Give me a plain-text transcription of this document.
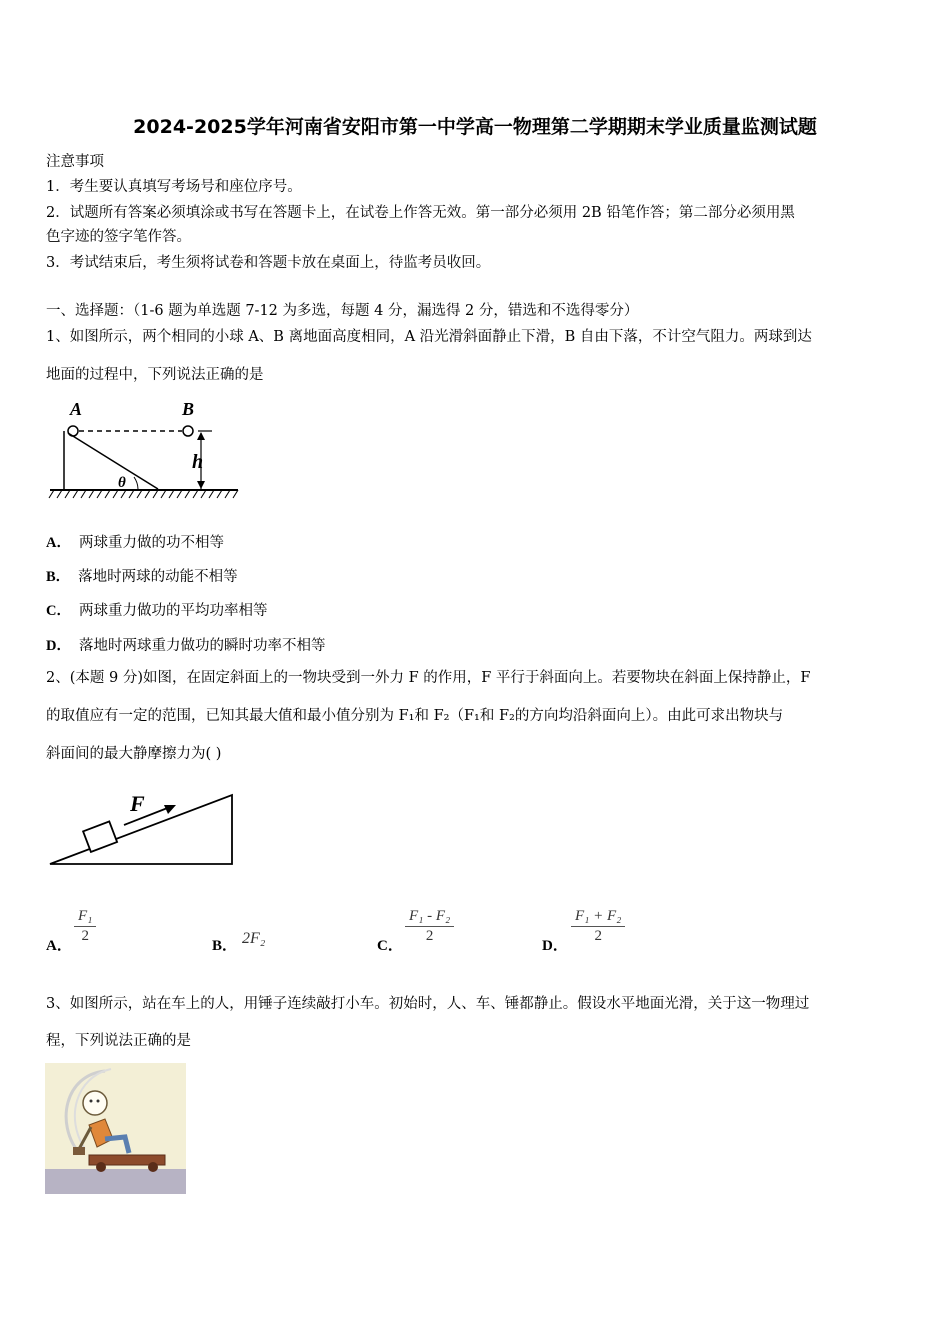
2024-2025学年河南省安阳市第一中学高一物理第二学期期末学业质量监测试题
注意事项
1．考生要认真填写考场号和座位序号。
2．试题所有答案必须填涂或书写在答题卡上，在试卷上作答无效。第一部分必须用 2B 铅笔作答；第二部分必须用黑
色字迹的签字笔作答。
3．考试结束后，考生须将试卷和答题卡放在桌面上，待监考员收回。
一、选择题：（1-6 题为单选题 7-12 为多选，每题 4 分，漏选得 2 分，错选和不选得零分）
1、如图所示，两个相同的小球 A、B 离地面高度相同，A 沿光滑斜面静止下滑，B 自由下落，不计空气阻力。两球到达
地面的过程中，下列说法正确的是
A	B
θ
h
A． 两球重力做的功不相等
B． 落地时两球的动能不相等
C． 两球重力做功的平均功率相等
D． 落地时两球重力做功的瞬时功率不相等
2、(本题 9 分)如图，在固定斜面上的一物块受到一外力 F 的作用，F 平行于斜面向上。若要物块在斜面上保持静止，F
的取值应有一定的范围，已知其最大值和最小值分别为 F₁和 F₂（F₁和 F₂的方向均沿斜面向上）。由此可求出物块与
斜面间的最大静摩擦力为( )
F
A．
$\frac{\text{F₁}}{2}$
B． 2F₂	C．
$\frac{\text{F₁ - F₂}}{2}$
D．
$\frac{\text{F₁ + F₂}}{2}$
3、如图所示，站在车上的人，用锤子连续敲打小车。初始时，人、车、锤都静止。假设水平地面光滑，关于这一物理过
程，下列说法正确的是
